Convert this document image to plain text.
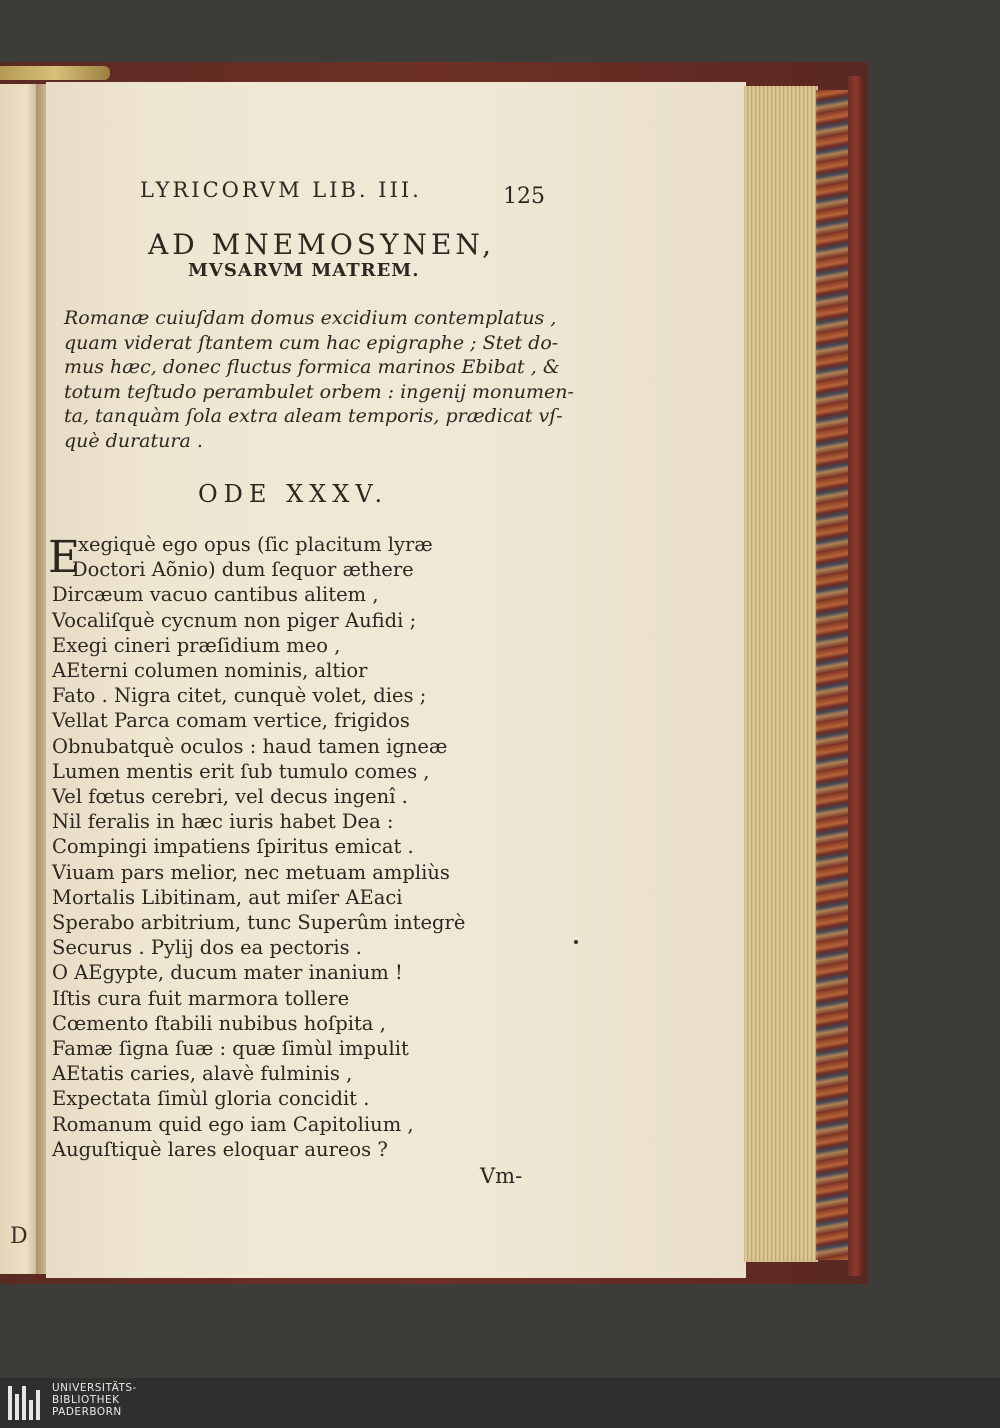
D
LYRICORVM LIB. III.	125
AD MNEMOSYNEN,
MVSARVM MATREM.
Romanæ cuiuſdam domus excidium contemplatus ,
quam viderat ſtantem cum hac epigraphe ; Stet do-
mus hæc, donec fluctus formica marinos Ebibat , &
totum teſtudo perambulet orbem : ingenij monumen-
ta, tanquàm ſola extra aleam temporis, prædicat vſ-
què duratura .
ODE XXXV.
E
xegiquè ego opus (ſic placitum lyræ
Doctori Aõnio) dum ſequor æthere
Dircæum vacuo cantibus alitem ,
Vocaliſquè cycnum non piger Aufidi ;
Exegi cineri præſidium meo ,
AEterni columen nominis, altior
Fato . Nigra citet, cunquè volet, dies ;
Vellat Parca comam vertice, frigidos
Obnubatquè oculos : haud tamen igneæ
Lumen mentis erit ſub tumulo comes ,
Vel fœtus cerebri, vel decus ingenî .
Nil feralis in hæc iuris habet Dea :
Compingi impatiens ſpiritus emicat .
Viuam pars melior, nec metuam ampliùs
Mortalis Libitinam, aut miſer AEaci
Sperabo arbitrium, tunc Superûm integrè
Securus . Pylij dos ea pectoris .
O AEgypte, ducum mater inanium !
Iſtis cura fuit marmora tollere
Cœmento ſtabili nubibus hoſpita ,
Famæ ſigna ſuæ : quæ ſimùl impulit
AEtatis caries, alavè fulminis ,
Expectata ſimùl gloria concidit .
Romanum quid ego iam Capitolium ,
Auguſtiquè lares eloquar aureos ?
Vm-
UNIVERSITÄTS-
BIBLIOTHEK
PADERBORN
